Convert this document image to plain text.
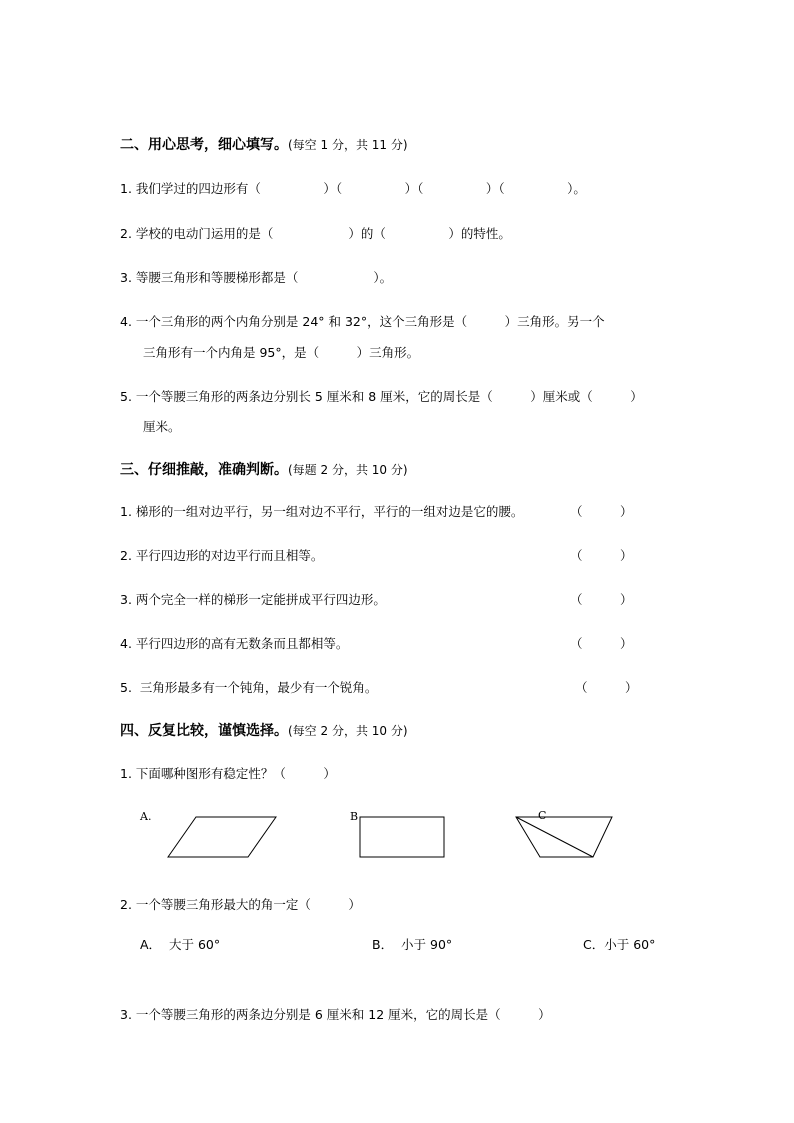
二、用心思考，细心填写。(每空 1 分，共 11 分)
1. 我们学过的四边形有（　　　　　）（　　　　　）（　　　　　）（　　　　　）。
2. 学校的电动门运用的是（　　　　　　）的（　　　　　）的特性。
3. 等腰三角形和等腰梯形都是（　　　　　　）。
4. 一个三角形的两个内角分别是 24° 和 32°，这个三角形是（　　　）三角形。另一个
三角形有一个内角是 95°，是（　　　）三角形。
5. 一个等腰三角形的两条边分别长 5 厘米和 8 厘米，它的周长是（　　　）厘米或（　　　）
厘米。
三、仔细推敲，准确判断。(每题 2 分，共 10 分)
1. 梯形的一组对边平行，另一组对边不平行，平行的一组对边是它的腰。	（　　　）
2. 平行四边形的对边平行而且相等。	（　　　）
3. 两个完全一样的梯形一定能拼成平行四边形。	（　　　）
4. 平行四边形的高有无数条而且都相等。	（　　　）
5.  三角形最多有一个钝角，最少有一个锐角。	（　　　）
四、反复比较，谨慎选择。(每空 2 分，共 10 分)
1. 下面哪种图形有稳定性？（　　　）
A.	B	C
2. 一个等腰三角形最大的角一定（　　　）
A．  大于 60°	B．  小于 90°	C．小于 60°
3. 一个等腰三角形的两条边分别是 6 厘米和 12 厘米，它的周长是（　　　）
